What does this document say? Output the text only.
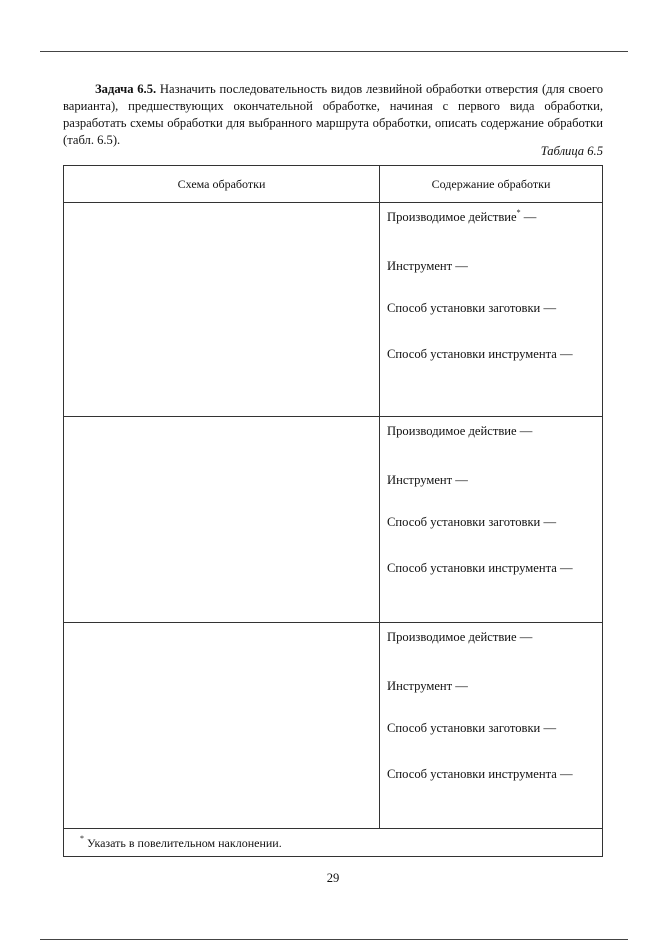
Задача 6.5. Назначить последовательность видов лезвийной обработки отверстия (для своего варианта), предшествующих окончательной обработке, начиная с первого вида обработки, разработать схемы обработки для выбранного маршрута обработки, описать содержание обработки (табл. 6.5).

Таблица 6.5
Схема обработки	Содержание обработки
Производимое действие* —
Инструмент —
Способ установки заготовки —
Способ установки инструмента —
Производимое действие —
Инструмент —
Способ установки заготовки —
Способ установки инструмента —
Производимое действие —
Инструмент —
Способ установки заготовки —
Способ установки инструмента —
* Указать в повелительном наклонении.
29
